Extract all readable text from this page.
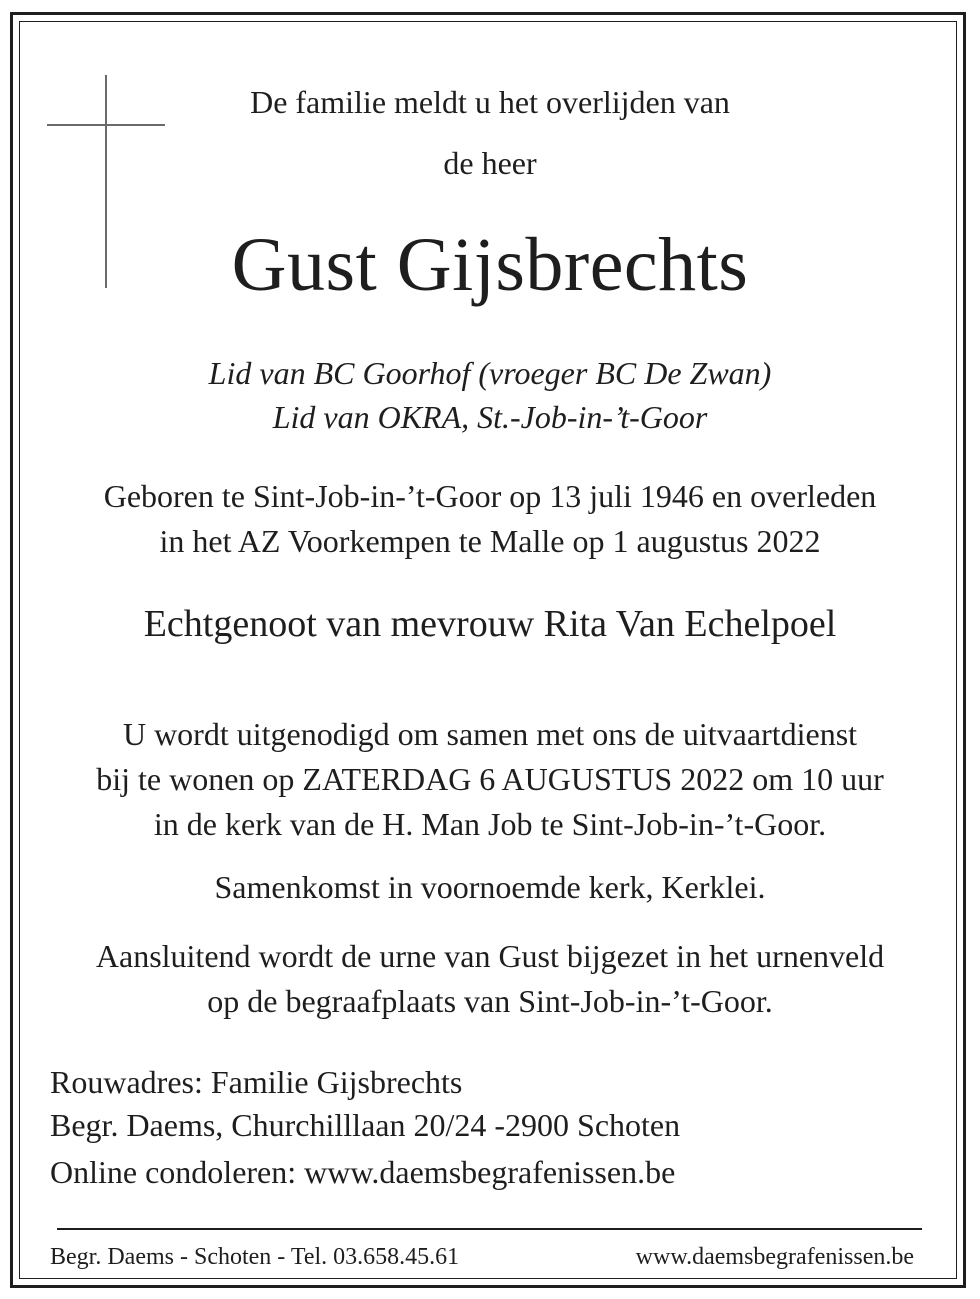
De familie meldt u het overlijden van
de heer
Gust Gijsbrechts
Lid van BC Goorhof (vroeger BC De Zwan)
Lid van OKRA, St.-Job-in-’t-Goor
Geboren te Sint-Job-in-’t-Goor op 13 juli 1946 en overleden
in het AZ Voorkempen te Malle op 1 augustus 2022
Echtgenoot van mevrouw Rita Van Echelpoel
U wordt uitgenodigd om samen met ons de uitvaartdienst
bij te wonen op ZATERDAG 6 AUGUSTUS 2022 om 10 uur
in de kerk van de H. Man Job te Sint-Job-in-’t-Goor.
Samenkomst in voornoemde kerk, Kerklei.
Aansluitend wordt de urne van Gust bijgezet in het urnenveld
op de begraafplaats van Sint-Job-in-’t-Goor.
Rouwadres: Familie Gijsbrechts
Begr. Daems, Churchilllaan 20/24 -2900 Schoten
Online condoleren: www.daemsbegrafenissen.be
Begr. Daems - Schoten - Tel. 03.658.45.61	www.daemsbegrafenissen.be
